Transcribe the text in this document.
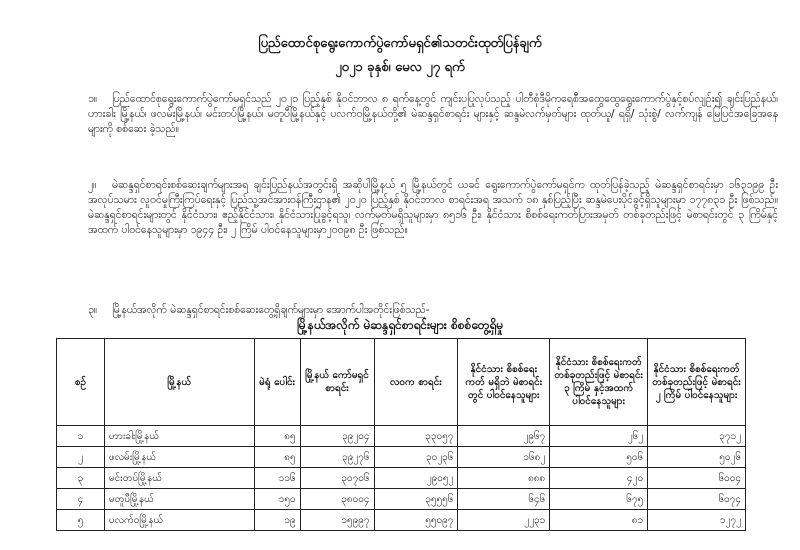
ပြည်ထောင်စုရွေးကောက်ပွဲကော်မရှင်၏သတင်းထုတ်ပြန်ချက်
၂၀၂၁ ခုနှစ်၊ မေလ ၂၇ ရက်
၁။ ပြည်ထောင်စုရွေးကောက်ပွဲကော်မရှင်သည် ၂၀၂၁ ပြည့်နှစ် နိုဝင်ဘာလ ၈ ရက်နေ့တွင် ကျင်းပပြုလုပ်သည့် ပါတီစုံဒီမိုကရေစီအထွေထွေရွေးကောက်ပွဲနှင့်စပ်လျဉ်း၍ ချင်းပြည်နယ်၊ ဟားခါး မြို့နယ်၊ ဖလမ်းမြို့နယ်၊ မင်းတပ်မြို့နယ်၊ မတူပီမြို့နယ်နှင့် ပလက်ဝမြို့နယ်တို့၏ မဲဆန္ဒရှင်စာရင်း များနှင့် ဆန္ဒမဲလက်မှတ်များ ထုတ်ယူ/ ရရှိ/ သုံးစွဲ/ လက်ကျန် မြေပြင်အခြေအနေများကို စစ်ဆေး ခဲ့သည်။
၂။ မဲဆန္ဒရှင်စာရင်းစစ်ဆေးချက်များအရ ချင်းပြည်နယ်အတွင်းရှိ အဆိုပါမြို့နယ် ၅ မြို့နယ်တွင် ယခင် ရွေးကောက်ပွဲကော်မရှင်က ထုတ်ပြန်ခဲ့သည့် မဲဆန္ဒရှင်စာရင်းမှာ ၁၆၃၁၉၉ ဦး အလုပ်သမား လူဝင်မှုကြီးကြပ်ရေးနှင့် ပြည်သူ့အင်အားဝန်ကြီးဌာန၏ ၂၀၂၀ ပြည့်နှစ် နိုဝင်ဘာလ စာရင်းအရ အသက် ၁၈ နှစ်ပြည့်ပြီး ဆန္ဒမဲပေးပိုင်ခွင့်ရှိသူများမှာ ၁၇၇၈၃၁ ဦး ဖြစ်သည်။ မဲဆန္ဒရှင်စာရင်းများတွင် နိုင်ငံသား၊ ဧည့်နိုင်ငံသား၊ နိုင်ငံသားပြုခွင့်ရသူ၊ လက်မှတ်မရှိသူများမှာ ၈၅၁၆ ဦး၊ နိုင်ငံသား စိစစ်ရေးကတ်ပြားအမှတ် တစ်ခုတည်းဖြင့် မဲစာရင်းတွင် ၃ ကြိမ်နှင့်အထက် ပါဝင်နေသူများမှာ ၁၉၄၄ ဦး၊ ၂ ကြိမ် ပါဝင်နေသူများမှာ၂၀၀၉၈ ဦး ဖြစ်သည်။
၃။ မြို့နယ်အလိုက် မဲဆန္ဒရှင်စာရင်းစစ်ဆေးတွေ့ရှိချက်များမှာ အောက်ပါအတိုင်းဖြစ်သည်-
မြို့နယ်အလိုက် မဲဆန္ဒရှင်စာရင်းများ စိစစ်တွေ့ရှိမှု
စဉ်	မြို့နယ်	မဲရုံ ပေါင်း	မြို့နယ် ကော်မရှင် စာရင်း	လဝက စာရင်း	နိုင်ငံသား စိစစ်ရေးကတ် မရှိဘဲ မဲစာရင်းတွင် ပါဝင်နေသူများ	နိုင်ငံသား စိစစ်ရေးကတ် တစ်ခုတည်းဖြင့် မဲစာရင်း ၃ ကြိမ် နှင့်အထက် ပါဝင်နေသူများ	နိုင်ငံသား စိစစ်ရေးကတ် တစ်ခုတည်းဖြင့် မဲစာရင်း ၂ ကြိမ် ပါဝင်နေသူများ
၁	ဟားခါးမြို့နယ်	၈၅	၃၉၂၀၄	၃၃၀၅၇	၂၉၆၇	၂၆၂	၃၇၁၂
၂	ဖလမ်းမြို့နယ်	၈၅	၃၉၂၇၆	၃၀၂၃၆	၁၆၈၂	၅၀၆	၅၀၂၆
၃	မင်းတပ်မြို့နယ်	၁၁၆	၃၀၇၀၆	၂၉၀၅၂	၈၈၈	၄၂၀	၆၀၀၄
၄	မတူပီမြို့နယ်	၁၅၀	၃၈၀၀၄	၃၅၅၅၆	၆၄၆	၆၇၅	၆၀၇၄
၅	ပလက်ဝမြို့နယ်	၁၉	၁၅၉၉၇	၅၅၀၉၇	၂၂၃၁	၈၁	၁၂၇၂
